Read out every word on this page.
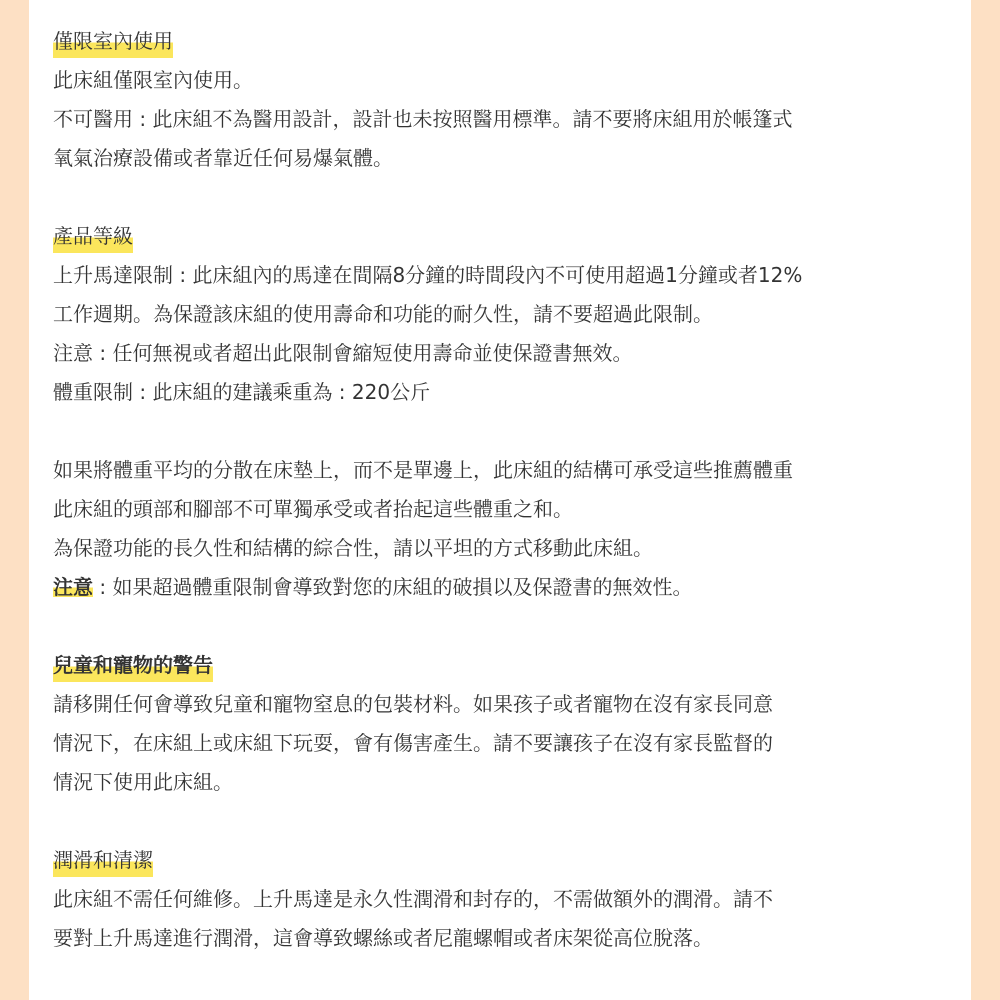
僅限室內使用

此床組僅限室內使用。

不可醫用 : 此床組不為醫用設計，設計也未按照醫用標準。請不要將床組用於帳篷式

氧氣治療設備或者靠近任何易爆氣體。

產品等級

上升馬達限制 : 此床組內的馬達在間隔8分鐘的時間段內不可使用超過1分鐘或者12%

工作週期。為保證該床組的使用壽命和功能的耐久性，請不要超過此限制。

注意 : 任何無視或者超出此限制會縮短使用壽命並使保證書無效。

體重限制 : 此床組的建議乘重為 : 220公斤

如果將體重平均的分散在床墊上，而不是單邊上，此床組的結構可承受這些推薦體重

此床組的頭部和腳部不可單獨承受或者抬起這些體重之和。

為保證功能的長久性和結構的綜合性，請以平坦的方式移動此床組。

注意 : 如果超過體重限制會導致對您的床組的破損以及保證書的無效性。

兒童和寵物的警告

請移開任何會導致兒童和寵物窒息的包裝材料。如果孩子或者寵物在沒有家長同意

情況下，在床組上或床組下玩耍，會有傷害產生。請不要讓孩子在沒有家長監督的

情況下使用此床組。

潤滑和清潔

此床組不需任何維修。上升馬達是永久性潤滑和封存的，不需做額外的潤滑。請不

要對上升馬達進行潤滑，這會導致螺絲或者尼龍螺帽或者床架從高位脫落。
